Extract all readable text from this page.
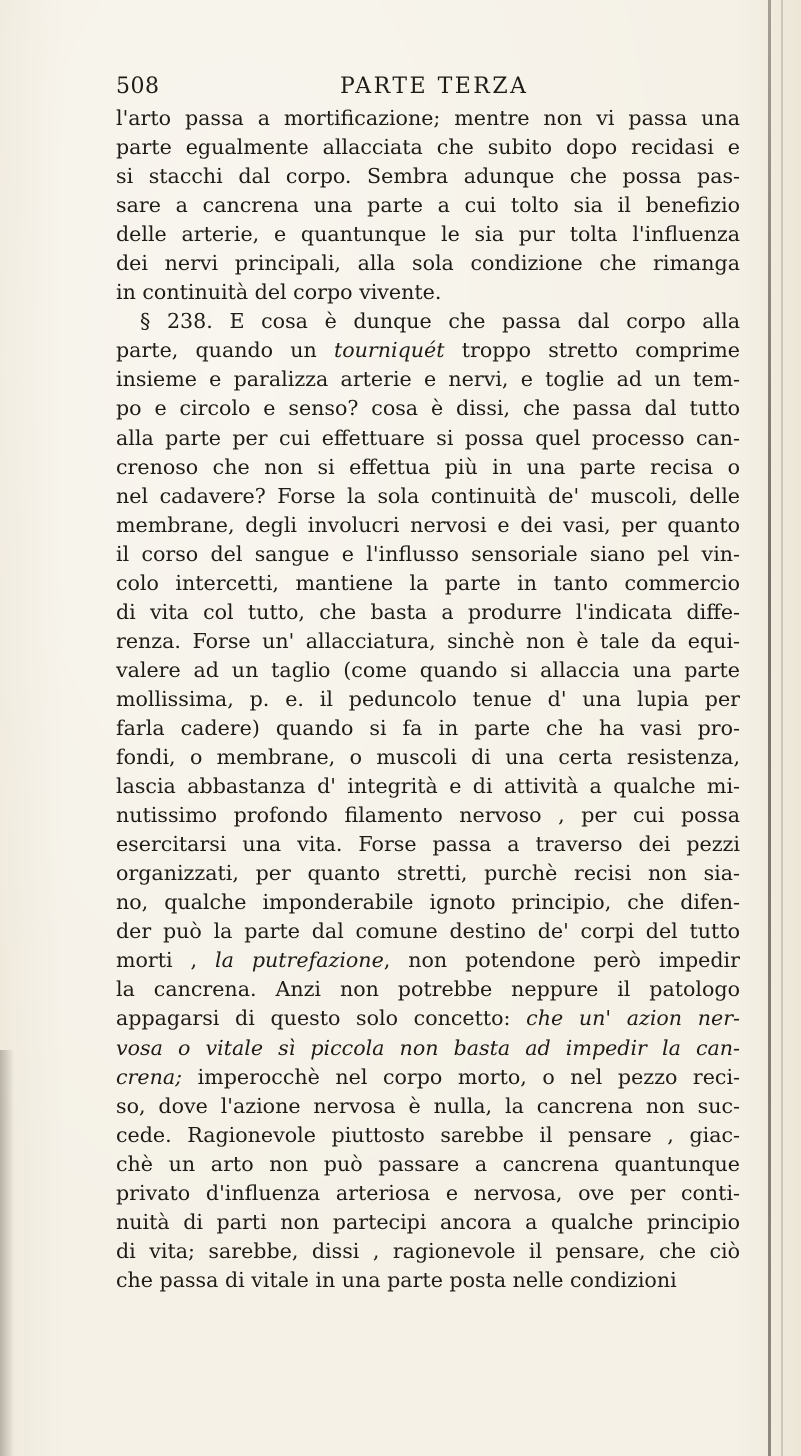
508	PARTE TERZA
l'arto passa a mortificazione; mentre non vi passa una
parte egualmente allacciata che subito dopo recidasi e
si stacchi dal corpo. Sembra adunque che possa pas-
sare a cancrena una parte a cui tolto sia il benefizio
delle arterie, e quantunque le sia pur tolta l'influenza
dei nervi principali, alla sola condizione che rimanga
in continuità del corpo vivente.
§ 238. E cosa è dunque che passa dal corpo alla
parte, quando un tourniquét troppo stretto comprime
insieme e paralizza arterie e nervi, e toglie ad un tem-
po e circolo e senso? cosa è dissi, che passa dal tutto
alla parte per cui effettuare si possa quel processo can-
crenoso che non si effettua più in una parte recisa o
nel cadavere? Forse la sola continuità de' muscoli, delle
membrane, degli involucri nervosi e dei vasi, per quanto
il corso del sangue e l'influsso sensoriale siano pel vin-
colo intercetti, mantiene la parte in tanto commercio
di vita col tutto, che basta a produrre l'indicata diffe-
renza. Forse un' allacciatura, sinchè non è tale da equi-
valere ad un taglio (come quando si allaccia una parte
mollissima, p. e. il peduncolo tenue d' una lupia per
farla cadere) quando si fa in parte che ha vasi pro-
fondi, o membrane, o muscoli di una certa resistenza,
lascia abbastanza d' integrità e di attività a qualche mi-
nutissimo profondo filamento nervoso , per cui possa
esercitarsi una vita. Forse passa a traverso dei pezzi
organizzati, per quanto stretti, purchè recisi non sia-
no, qualche imponderabile ignoto principio, che difen-
der può la parte dal comune destino de' corpi del tutto
morti , la putrefazione, non potendone però impedir
la cancrena. Anzi non potrebbe neppure il patologo
appagarsi di questo solo concetto: che un' azion ner-
vosa o vitale sì piccola non basta ad impedir la can-
crena; imperocchè nel corpo morto, o nel pezzo reci-
so, dove l'azione nervosa è nulla, la cancrena non suc-
cede. Ragionevole piuttosto sarebbe il pensare , giac-
chè un arto non può passare a cancrena quantunque
privato d'influenza arteriosa e nervosa, ove per conti-
nuità di parti non partecipi ancora a qualche principio
di vita; sarebbe, dissi , ragionevole il pensare, che ciò
che passa di vitale in una parte posta nelle condizioni
